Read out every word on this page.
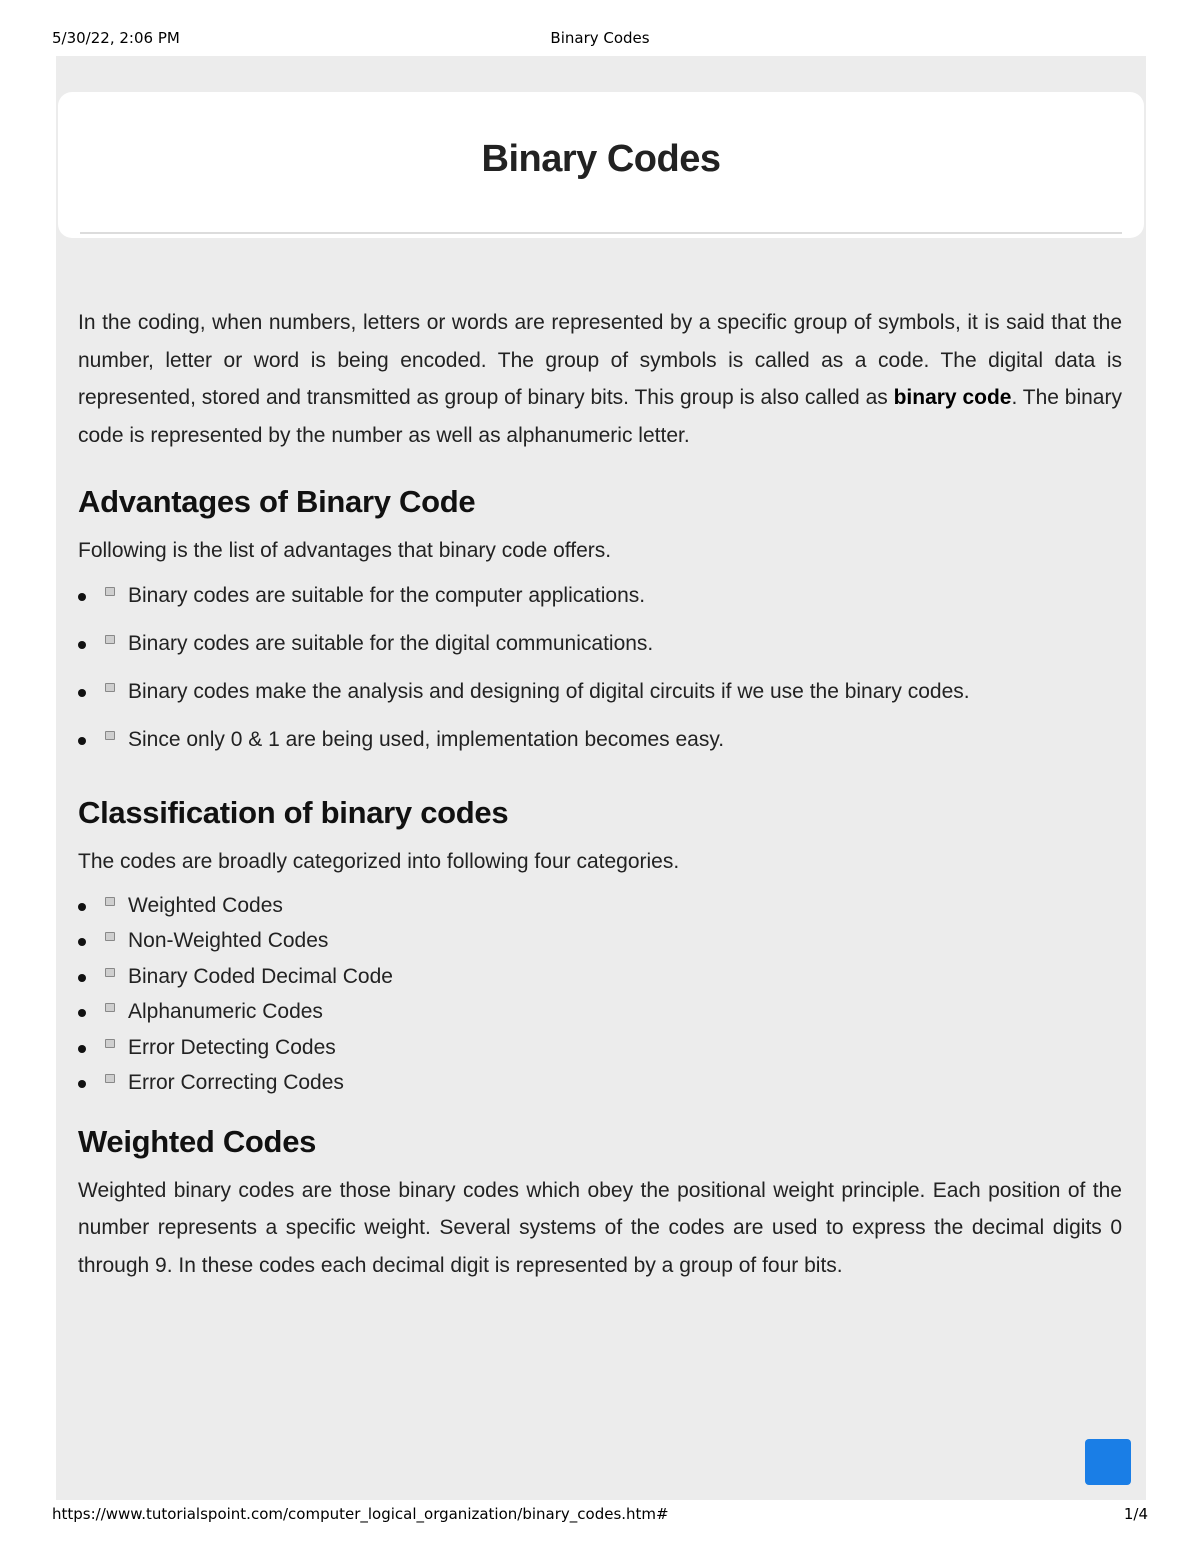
5/30/22, 2:06 PM	Binary Codes
Binary Codes

In the coding, when numbers, letters or words are represented by a specific group of symbols, it is said that the number, letter or word is being encoded. The group of symbols is called as a code. The digital data is represented, stored and transmitted as group of binary bits. This group is also called as binary code. The binary code is represented by the number as well as alphanumeric letter.

Advantages of Binary Code

Following is the list of advantages that binary code offers.

Binary codes are suitable for the computer applications.
Binary codes are suitable for the digital communications.
Binary codes make the analysis and designing of digital circuits if we use the binary codes.
Since only 0 & 1 are being used, implementation becomes easy.
Classification of binary codes

The codes are broadly categorized into following four categories.

Weighted Codes
Non-Weighted Codes
Binary Coded Decimal Code
Alphanumeric Codes
Error Detecting Codes
Error Correcting Codes
Weighted Codes

Weighted binary codes are those binary codes which obey the positional weight principle. Each position of the number represents a specific weight. Several systems of the codes are used to express the decimal digits 0 through 9. In these codes each decimal digit is represented by a group of four bits.

https://www.tutorialspoint.com/computer_logical_organization/binary_codes.htm#	1/4
